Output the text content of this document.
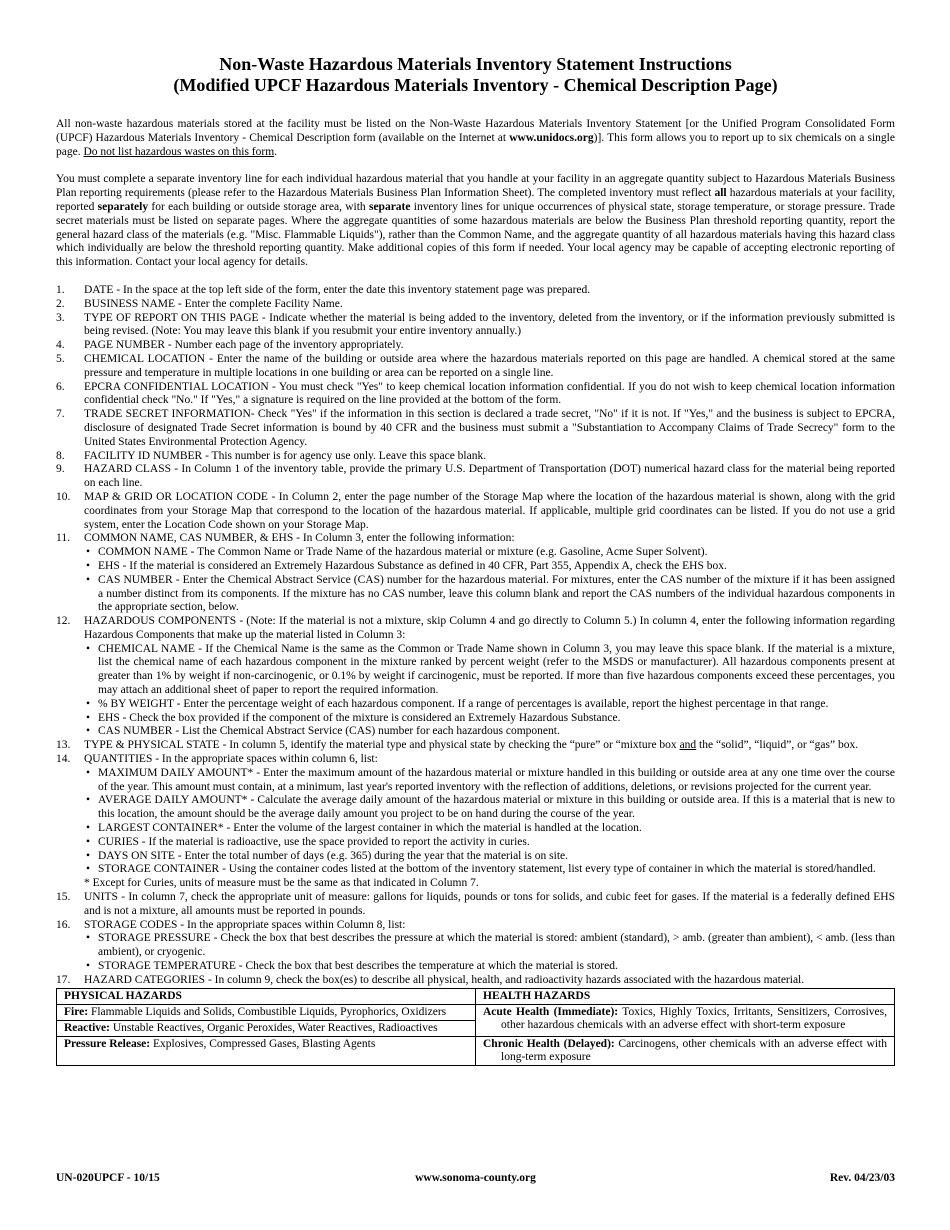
Non-Waste Hazardous Materials Inventory Statement Instructions
(Modified UPCF Hazardous Materials Inventory - Chemical Description Page)

All non-waste hazardous materials stored at the facility must be listed on the Non-Waste Hazardous Materials Inventory Statement [or the Unified Program Consolidated Form (UPCF) Hazardous Materials Inventory - Chemical Description form (available on the Internet at www.unidocs.org)]. This form allows you to report up to six chemicals on a single page. Do not list hazardous wastes on this form.

You must complete a separate inventory line for each individual hazardous material that you handle at your facility in an aggregate quantity subject to Hazardous Materials Business Plan reporting requirements (please refer to the Hazardous Materials Business Plan Information Sheet). The completed inventory must reflect all hazardous materials at your facility, reported separately for each building or outside storage area, with separate inventory lines for unique occurrences of physical state, storage temperature, or storage pressure. Trade secret materials must be listed on separate pages. Where the aggregate quantities of some hazardous materials are below the Business Plan threshold reporting quantity, report the general hazard class of the materials (e.g. "Misc. Flammable Liquids"), rather than the Common Name, and the aggregate quantity of all hazardous materials having this hazard class which individually are below the threshold reporting quantity. Make additional copies of this form if needed. Your local agency may be capable of accepting electronic reporting of this information. Contact your local agency for details.

1. DATE - In the space at the top left side of the form, enter the date this inventory statement page was prepared.
2. BUSINESS NAME - Enter the complete Facility Name.
3. TYPE OF REPORT ON THIS PAGE - Indicate whether the material is being added to the inventory, deleted from the inventory, or if the information previously submitted is being revised. (Note: You may leave this blank if you resubmit your entire inventory annually.)
4. PAGE NUMBER - Number each page of the inventory appropriately.
5. CHEMICAL LOCATION - Enter the name of the building or outside area where the hazardous materials reported on this page are handled. A chemical stored at the same pressure and temperature in multiple locations in one building or area can be reported on a single line.
6. EPCRA CONFIDENTIAL LOCATION - You must check "Yes" to keep chemical location information confidential. If you do not wish to keep chemical location information confidential check "No." If "Yes," a signature is required on the line provided at the bottom of the form.
7. TRADE SECRET INFORMATION- Check "Yes" if the information in this section is declared a trade secret, "No" if it is not. If "Yes," and the business is subject to EPCRA, disclosure of designated Trade Secret information is bound by 40 CFR and the business must submit a "Substantiation to Accompany Claims of Trade Secrecy" form to the United States Environmental Protection Agency.
8. FACILITY ID NUMBER - This number is for agency use only. Leave this space blank.
9. HAZARD CLASS - In Column 1 of the inventory table, provide the primary U.S. Department of Transportation (DOT) numerical hazard class for the material being reported on each line.
10. MAP & GRID OR LOCATION CODE - In Column 2, enter the page number of the Storage Map where the location of the hazardous material is shown, along with the grid coordinates from your Storage Map that correspond to the location of the hazardous material. If applicable, multiple grid coordinates can be listed. If you do not use a grid system, enter the Location Code shown on your Storage Map.
11. COMMON NAME, CAS NUMBER, & EHS - In Column 3, enter the following information:
• COMMON NAME - The Common Name or Trade Name of the hazardous material or mixture (e.g. Gasoline, Acme Super Solvent).
• EHS - If the material is considered an Extremely Hazardous Substance as defined in 40 CFR, Part 355, Appendix A, check the EHS box.
• CAS NUMBER - Enter the Chemical Abstract Service (CAS) number for the hazardous material. For mixtures, enter the CAS number of the mixture if it has been assigned a number distinct from its components. If the mixture has no CAS number, leave this column blank and report the CAS numbers of the individual hazardous components in the appropriate section, below.
12. HAZARDOUS COMPONENTS - (Note: If the material is not a mixture, skip Column 4 and go directly to Column 5.) In column 4, enter the following information regarding Hazardous Components that make up the material listed in Column 3:
• CHEMICAL NAME - If the Chemical Name is the same as the Common or Trade Name shown in Column 3, you may leave this space blank. If the material is a mixture, list the chemical name of each hazardous component in the mixture ranked by percent weight (refer to the MSDS or manufacturer). All hazardous components present at greater than 1% by weight if non-carcinogenic, or 0.1% by weight if carcinogenic, must be reported. If more than five hazardous components exceed these percentages, you may attach an additional sheet of paper to report the required information.
• % BY WEIGHT - Enter the percentage weight of each hazardous component. If a range of percentages is available, report the highest percentage in that range.
• EHS - Check the box provided if the component of the mixture is considered an Extremely Hazardous Substance.
• CAS NUMBER - List the Chemical Abstract Service (CAS) number for each hazardous component.
13. TYPE & PHYSICAL STATE - In column 5, identify the material type and physical state by checking the “pure” or “mixture box and the “solid”, “liquid”, or “gas” box.
14. QUANTITIES - In the appropriate spaces within column 6, list:
• MAXIMUM DAILY AMOUNT* - Enter the maximum amount of the hazardous material or mixture handled in this building or outside area at any one time over the course of the year. This amount must contain, at a minimum, last year's reported inventory with the reflection of additions, deletions, or revisions projected for the current year.
• AVERAGE DAILY AMOUNT* - Calculate the average daily amount of the hazardous material or mixture in this building or outside area. If this is a material that is new to this location, the amount should be the average daily amount you project to be on hand during the course of the year.
• LARGEST CONTAINER* - Enter the volume of the largest container in which the material is handled at the location.
• CURIES - If the material is radioactive, use the space provided to report the activity in curies.
• DAYS ON SITE - Enter the total number of days (e.g. 365) during the year that the material is on site.
• STORAGE CONTAINER - Using the container codes listed at the bottom of the inventory statement, list every type of container in which the material is stored/handled.

* Except for Curies, units of measure must be the same as that indicated in Column 7.

15. UNITS - In column 7, check the appropriate unit of measure: gallons for liquids, pounds or tons for solids, and cubic feet for gases. If the material is a federally defined EHS and is not a mixture, all amounts must be reported in pounds.
16. STORAGE CODES - In the appropriate spaces within Column 8, list:
• STORAGE PRESSURE - Check the box that best describes the pressure at which the material is stored: ambient (standard), > amb. (greater than ambient), < amb. (less than ambient), or cryogenic.
• STORAGE TEMPERATURE - Check the box that best describes the temperature at which the material is stored.
17. HAZARD CATEGORIES - In column 9, check the box(es) to describe all physical, health, and radioactivity hazards associated with the hazardous material.
PHYSICAL HAZARDS	HEALTH HAZARDS

Fire: Flammable Liquids and Solids, Combustible Liquids, Pyrophorics, Oxidizers	Acute Health (Immediate): Toxics, Highly Toxics, Irritants, Sensitizers, Corrosives, other hazardous chemicals with an adverse effect with short-term exposure

Reactive: Unstable Reactives, Organic Peroxides, Water Reactives, Radioactives	

Pressure Release: Explosives, Compressed Gases, Blasting Agents	Chronic Health (Delayed): Carcinogens, other chemicals with an adverse effect with long-term exposure
UN-020UPCF - 10/15	www.sonoma-county.org	Rev. 04/23/03
